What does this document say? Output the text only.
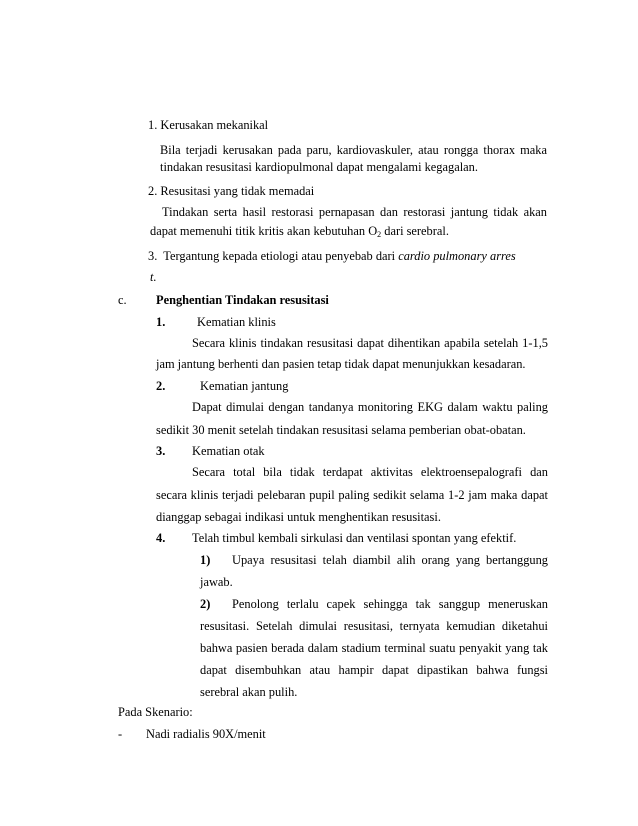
1. Kerusakan mekanikal
Bila terjadi kerusakan pada paru, kardiovaskuler, atau rongga thorax maka
tindakan resusitasi kardiopulmonal dapat mengalami kegagalan.
2. Resusitasi yang tidak memadai
Tindakan serta hasil restorasi pernapasan dan restorasi jantung tidak akan
dapat memenuhi titik kritis akan kebutuhan $O_2$ dari serebral.
3. Tergantung kepada etiologi atau penyebab dari cardio pulmonary arres
t.
c. Penghentian Tindakan resusitasi
1.	Kematian klinis
Secara klinis tindakan resusitasi dapat dihentikan apabila setelah 1-1,5
jam jantung berhenti dan pasien tetap tidak dapat menunjukkan kesadaran.
2.	Kematian jantung
Dapat dimulai dengan tandanya monitoring EKG dalam waktu paling
sedikit 30 menit setelah tindakan resusitasi selama pemberian obat-obatan.
3. Kematian otak
Secara total bila tidak terdapat aktivitas elektroensepalografi dan
secara klinis terjadi pelebaran pupil paling sedikit selama 1-2 jam maka dapat
dianggap sebagai indikasi untuk menghentikan resusitasi.
4. Telah timbul kembali sirkulasi dan ventilasi spontan yang efektif.
1) Upaya resusitasi telah diambil alih orang yang bertanggung
jawab.
2) Penolong terlalu capek sehingga tak sanggup meneruskan
resusitasi. Setelah dimulai resusitasi, ternyata kemudian diketahui
bahwa pasien berada dalam stadium terminal suatu penyakit yang tak
dapat disembuhkan atau hampir dapat dipastikan bahwa fungsi
serebral akan pulih.
Pada Skenario:
- Nadi radialis 90X/menit
